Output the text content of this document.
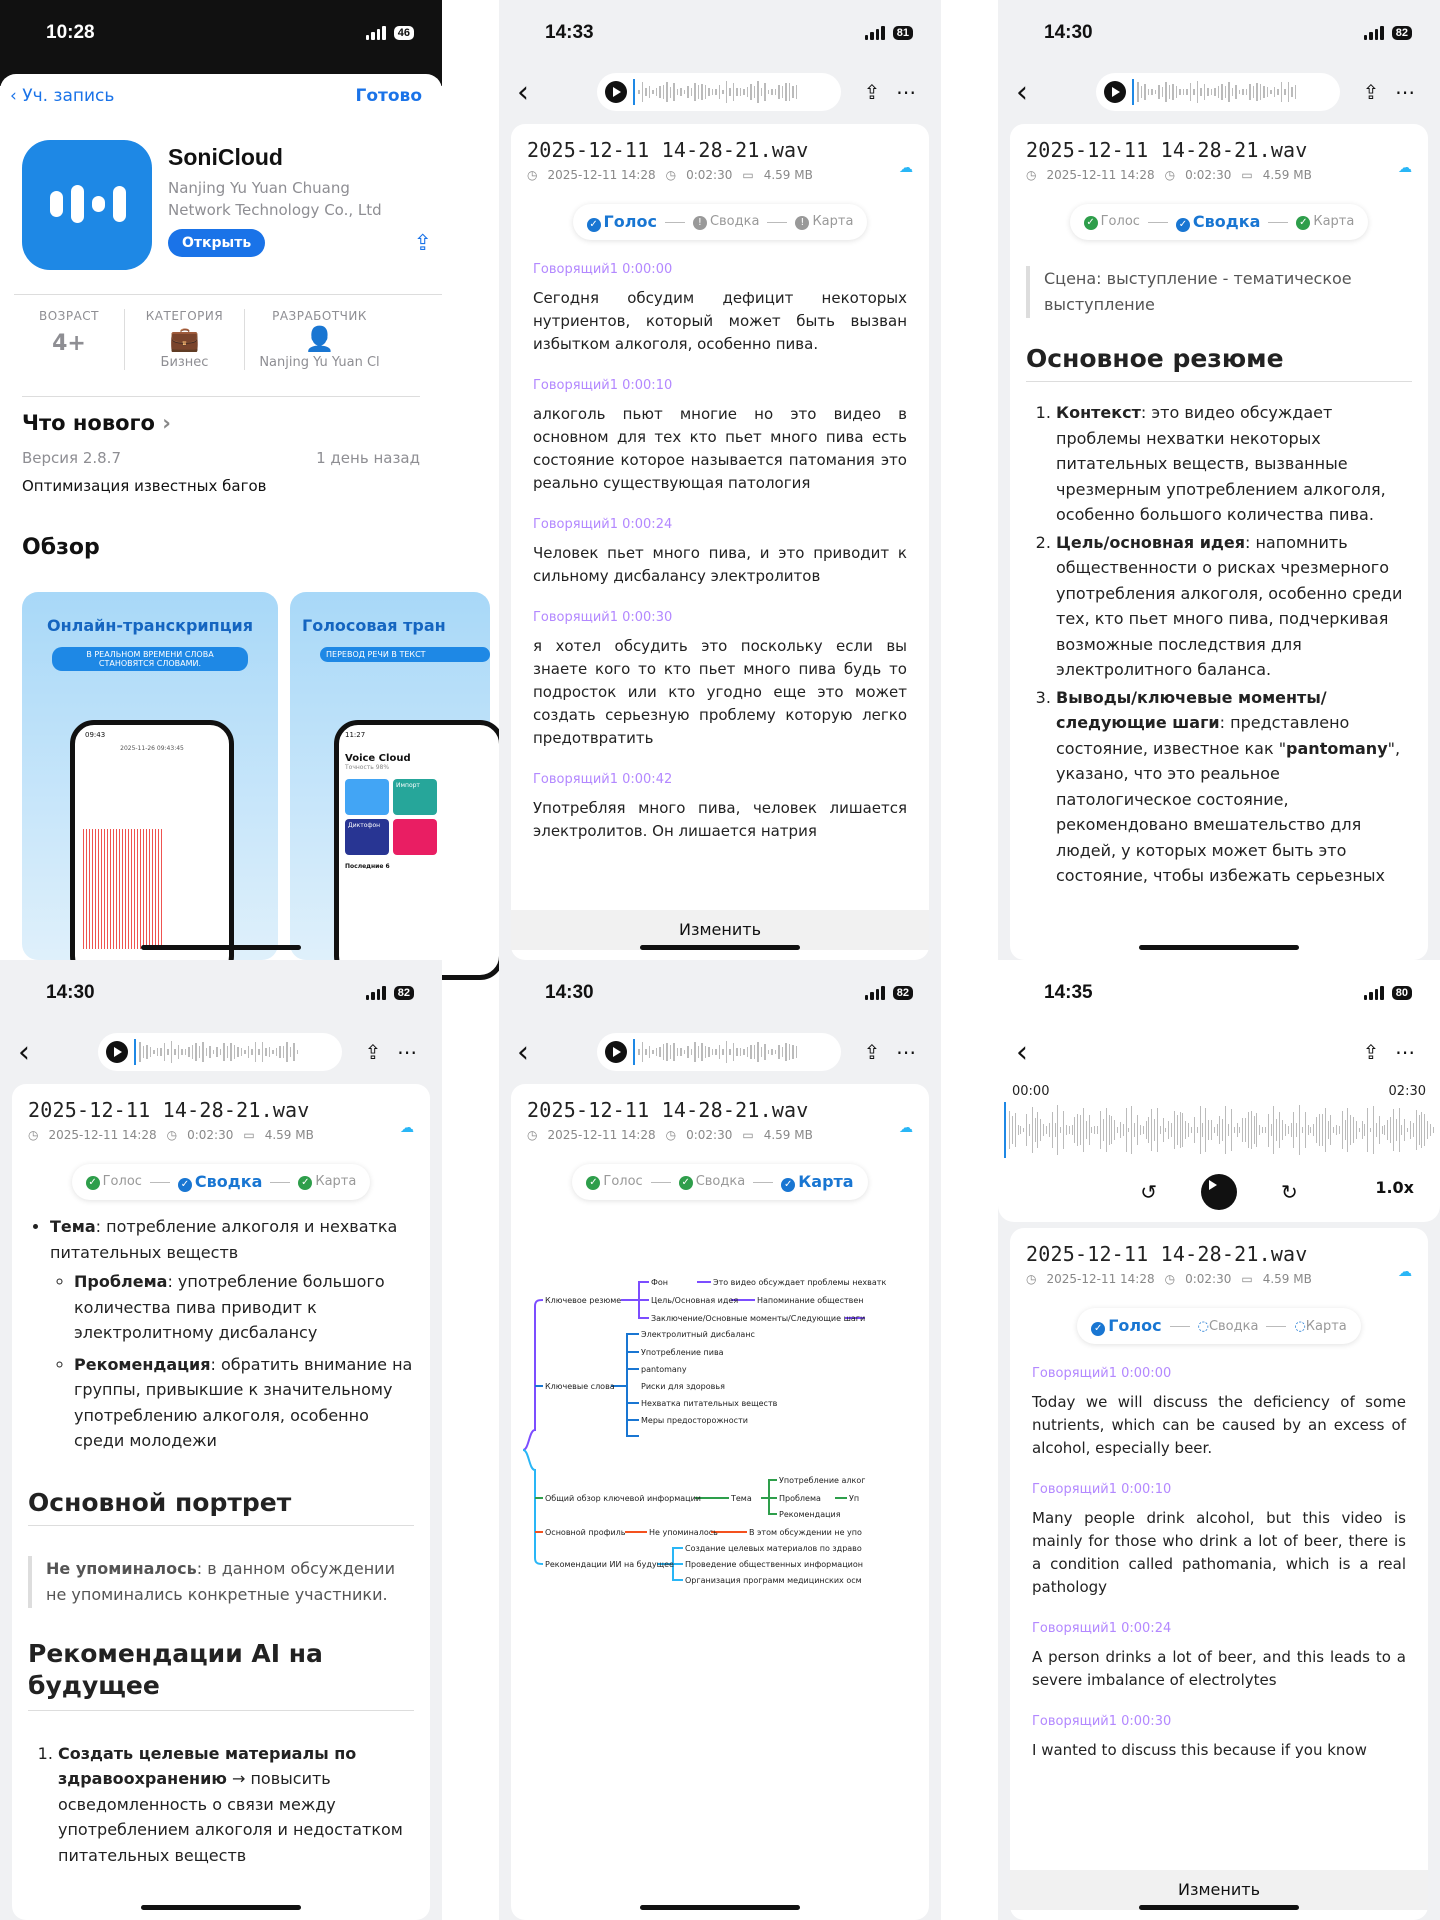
10:28	46
‹ Уч. запись	Готово
SoniCloud
Nanjing Yu Yuan Chuang
Network Technology Co., Ltd
Открыть	⇪
ВОЗРАСТ
4+
КАТЕГОРИЯ
💼
Бизнес
РАЗРАБОТЧИК
👤
Nanjing Yu Yuan Cl
Что нового ›
Версия 2.8.7	1 день назад
Оптимизация известных багов
Обзор
Онлайн-транскрипция
В РЕАЛЬНОМ ВРЕМЕНИ СЛОВА СТАНОВЯТСЯ СЛОВАМИ.
09:43
2025-11-26 09:43:45
Голосовая тран
ПЕРЕВОД РЕЧИ В ТЕКСТ
11:27
Voice Cloud
Точность 98%
Импорт
Диктофон
Последние 6
14:33	81
‹	⇪ ⋯
2025-12-11 14-28-21.wav
◷ 2025-12-11 14:28 ◷ 0:02:30 ▭ 4.59 MB	☁
✓ Голос	! Сводка	! Карта
Говорящий1 0:00:00
Сегодня обсудим дефицит некоторых нутриентов, который может быть вызван избытком алкоголя, особенно пива.
Говорящий1 0:00:10
алкоголь пьют многие но это видео в основном для тех кто пьет много пива есть состояние которое называется патомания это реально существующая патология
Говорящий1 0:00:24
Человек пьет много пива, и это приводит к сильному дисбалансу электролитов
Говорящий1 0:00:30
я хотел обсудить это поскольку если вы знаете кого то кто пьет много пива будь то подросток или кто угодно еще это может создать серьезную проблему которую легко предотвратить
Говорящий1 0:00:42
Употребляя много пива, человек лишается электролитов. Он лишается натрия
Изменить
14:30	82
‹	⇪ ⋯
2025-12-11 14-28-21.wav
◷ 2025-12-11 14:28 ◷ 0:02:30 ▭ 4.59 MB	☁
✓ Голос	✓ Сводка	✓ Карта
Сцена: выступление - тематическое выступление
Основное резюме
1. Контекст: это видео обсуждает проблемы нехватки некоторых питательных веществ, вызванные чрезмерным употреблением алкоголя, особенно большого количества пива.
2. Цель/основная идея: напомнить общественности о рисках чрезмерного употребления алкоголя, особенно среди тех, кто пьет много пива, подчеркивая возможные последствия для электролитного баланса.
3. Выводы/ключевые моменты/следующие шаги: представлено состояние, известное как "pantomany", указано, что это реальное патологическое состояние, рекомендовано вмешательство для людей, у которых может быть это состояние, чтобы избежать серьезных
14:30	82
‹	⇪ ⋯
2025-12-11 14-28-21.wav
◷ 2025-12-11 14:28 ◷ 0:02:30 ▭ 4.59 MB	☁
✓ Голос	✓ Сводка	✓ Карта
• Тема: потребление алкоголя и нехватка питательных веществ
◦ Проблема: употребление большого количества пива приводит к электролитному дисбалансу
◦ Рекомендация: обратить внимание на группы, привыкшие к значительному употреблению алкоголя, особенно среди молодежи
Основной портрет
Не упоминалось: в данном обсуждении не упоминались конкретные участники.
Рекомендации AI на будущее
1. Создать целевые материалы по здравоохранению → повысить осведомленность о связи между употреблением алкоголя и недостатком питательных веществ
14:30	82
‹	⇪ ⋯
2025-12-11 14-28-21.wav
◷ 2025-12-11 14:28 ◷ 0:02:30 ▭ 4.59 MB	☁
✓ Голос	✓ Сводка	✓ Карта
Ключевое резюме
Фон	Это видео обсуждает проблемы нехватк
Цель/Основная идея Напоминание обществен
Заключение/Основные моменты/Следующие шаги
Ключевые слова
Электролитный дисбаланс
Употребление пива
pantomany
Риски для здоровья
Нехватка питательных веществ
Меры предосторожности
Общий обзор ключевой информации	Тема
Употребление алког
Проблема
Рекомендация
Уп
Основной профиль	Не упоминалось	В этом обсуждении не упо
Рекомендации ИИ на будущее
Создание целевых материалов по здраво
Проведение общественных информацион
Организация программ медицинских осм
14:35	80
‹	⇪ ⋯
00:00	02:30
↺	↻	1.0x
2025-12-11 14-28-21.wav
◷ 2025-12-11 14:28 ◷ 0:02:30 ▭ 4.59 MB	☁
✓ Голос	◌Сводка	◌Карта
Говорящий1 0:00:00
Today we will discuss the deficiency of some nutrients, which can be caused by an excess of alcohol, especially beer.
Говорящий1 0:00:10
Many people drink alcohol, but this video is mainly for those who drink a lot of beer, there is a condition called pathomania, which is a real pathology
Говорящий1 0:00:24
A person drinks a lot of beer, and this leads to a severe imbalance of electrolytes
Говорящий1 0:00:30
I wanted to discuss this because if you know
Изменить
